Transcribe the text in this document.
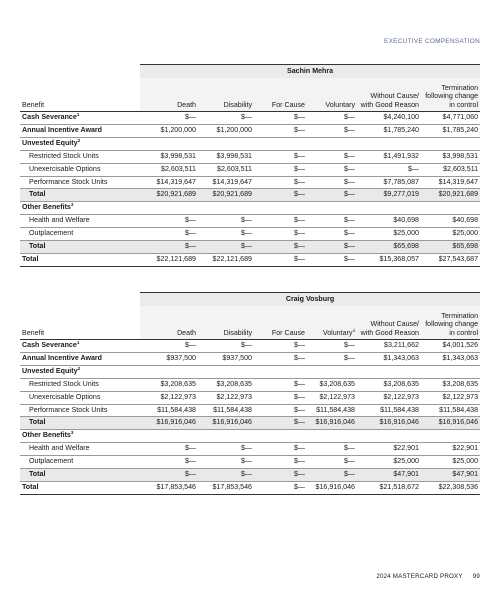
EXECUTIVE COMPENSATION
	Sachin Mehra					
Benefit	Death	Disability	For Cause	Voluntary	Without Cause/
with Good Reason	Termination
following change
in control
Cash Severance$^1$	$—	$—	$—	$—	$4,240,100	$4,771,060
Annual Incentive Award	$1,200,000	$1,200,000	$—	$—	$1,785,240	$1,785,240
Unvested Equity$^2$						
Restricted Stock Units	$3,998,531	$3,998,531	$—	$—	$1,491,932	$3,998,531
Unexercisable Options	$2,603,511	$2,603,511	$—	$—	$—	$2,603,511
Performance Stock Units	$14,319,647	$14,319,647	$—	$—	$7,785,087	$14,319,647
Total	$20,921,689	$20,921,689	$—	$—	$9,277,019	$20,921,689
Other Benefits$^3$						
Health and Welfare	$—	$—	$—	$—	$40,698	$40,698
Outplacement	$—	$—	$—	$—	$25,000	$25,000
Total	$—	$—	$—	$—	$65,698	$65,698
Total	$22,121,689	$22,121,689	$—	$—	$15,368,057	$27,543,687
	Craig Vosburg					
Benefit	Death	Disability	For Cause	Voluntary$^4$	Without Cause/
with Good Reason	Termination
following change
in control
Cash Severance$^1$	$—	$—	$—	$—	$3,211,662	$4,001,526
Annual Incentive Award	$937,500	$937,500	$—	$—	$1,343,063	$1,343,063
Unvested Equity$^2$						
Restricted Stock Units	$3,208,635	$3,208,635	$—	$3,208,635	$3,208,635	$3,208,635
Unexercisable Options	$2,122,973	$2,122,973	$—	$2,122,973	$2,122,973	$2,122,973
Performance Stock Units	$11,584,438	$11,584,438	$—	$11,584,438	$11,584,438	$11,584,438
Total	$16,916,046	$16,916,046	$—	$16,916,046	$16,916,046	$16,916,046
Other Benefits$^3$						
Health and Welfare	$—	$—	$—	$—	$22,901	$22,901
Outplacement	$—	$—	$—	$—	$25,000	$25,000
Total	$—	$—	$—	$—	$47,901	$47,901
Total	$17,853,546	$17,853,546	$—	$16,916,046	$21,518,672	$22,308,536
2024 MASTERCARD PROXY 99
